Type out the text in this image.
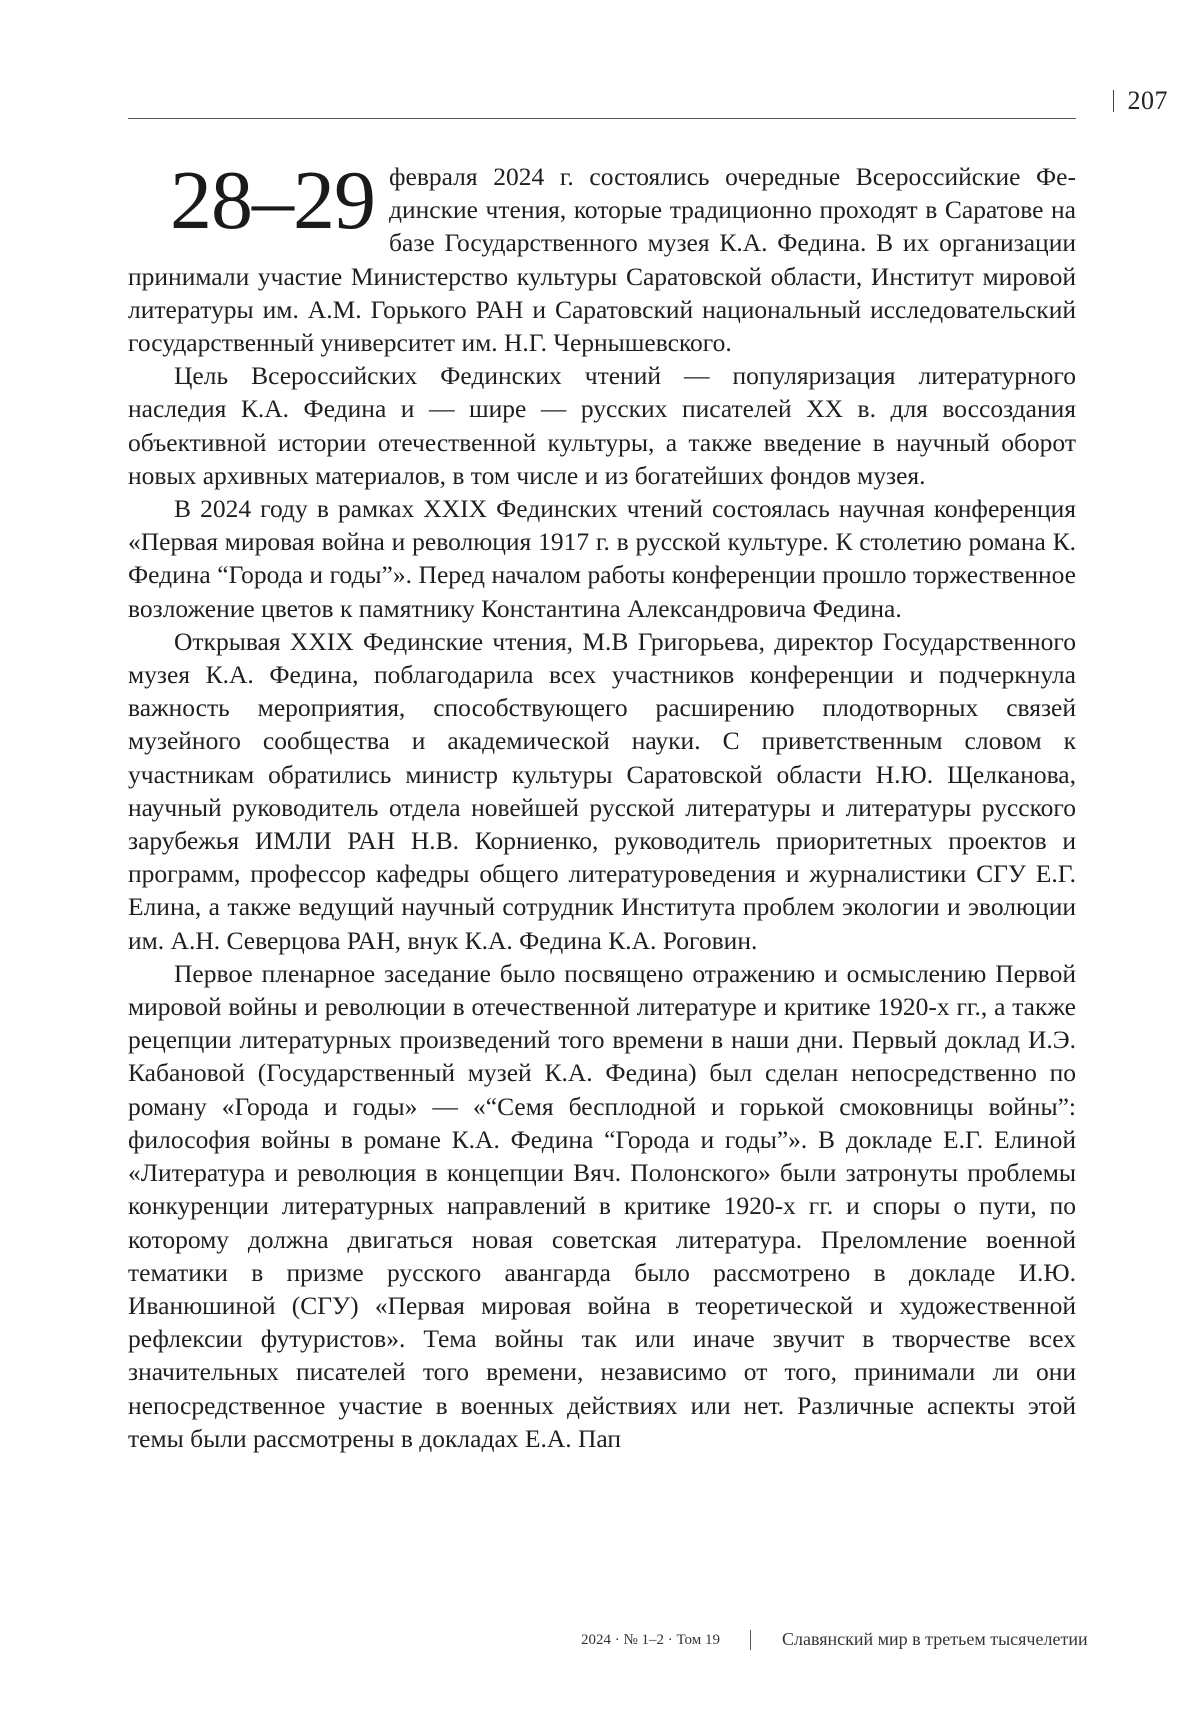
207

28–29 февраля 2024 г. состоялись очередные Всероссийские Фе­динские чтения, которые традиционно проходят в Сара­тове на базе Государственного музея К.А. Федина. В их организации при­нимали участие Министерство культуры Саратовской области, Институт мировой литературы им. А.М. Горького РАН и Саратовский национальный исследовательский государственный университет им. Н.Г. Чернышевского.

Цель Всероссийских Фединских чтений — популяризация литератур­ного наследия К.А. Федина и — шире — русских писателей XX в. для вос­создания объективной истории отечественной культуры, а также введение в научный оборот новых архивных материалов, в том числе и из богатей­ших фондов музея.

В 2024 году в рамках XXIX Фединских чтений состоялась научная кон­ференция «Первая мировая война и революция 1917 г. в русской культуре. К столетию романа К. Федина “Города и годы”». Перед началом работы конференции прошло торжественное возложение цветов к памятнику Кон­стантина Александровича Федина.

Открывая XXIX Фединские чтения, М.В Григорьева, директор Государ­ственного музея К.А. Федина, поблагодарила всех участников конференции и подчеркнула важность мероприятия, способствующего расширению пло­дотворных связей музейного сообщества и академической науки. С привет­ственным словом к участникам обратились министр культуры Саратовской области Н.Ю. Щелканова, научный руководитель отдела новейшей русской литературы и литературы русского зарубежья ИМЛИ РАН Н.В. Корниенко, руководитель приоритетных проектов и программ, профессор кафедры об­щего литературоведения и журналистики СГУ Е.Г. Елина, а также ведущий научный сотрудник Института проблем экологии и эволюции им. А.Н. Се­верцова РАН, внук К.А. Федина К.А. Роговин.

Первое пленарное заседание было посвящено отражению и осмысле­нию Первой мировой войны и революции в отечественной литературе и критике 1920-х гг., а также рецепции литературных произведений того вре­мени в наши дни. Первый доклад И.Э. Кабановой (Государственный музей К.А. Федина) был сделан непосредственно по роману «Города и годы» — «“Семя бесплодной и горькой смоковницы войны”: философия войны в ро­мане К.А. Федина “Города и годы”». В докладе Е.Г. Елиной «Литература и революция в концепции Вяч. Полонского» были затронуты проблемы кон­куренции литературных направлений в критике 1920-х гг. и споры о пути, по которому должна двигаться новая советская литература. Преломление военной тематики в призме русского авангарда было рассмотрено в докладе И.Ю. Иванюшиной (СГУ) «Первая мировая война в теоретической и ху­дожественной рефлексии футуристов». Тема войны так или иначе звучит в творчестве всех значительных писателей того времени, независимо от того, принимали ли они непосредственное участие в военных действиях или нет. Различные аспекты этой темы были рассмотрены в докладах Е.А. Пап­

2024 · № 1–2 · Том 19	Славянский мир в третьем тысячелетии
